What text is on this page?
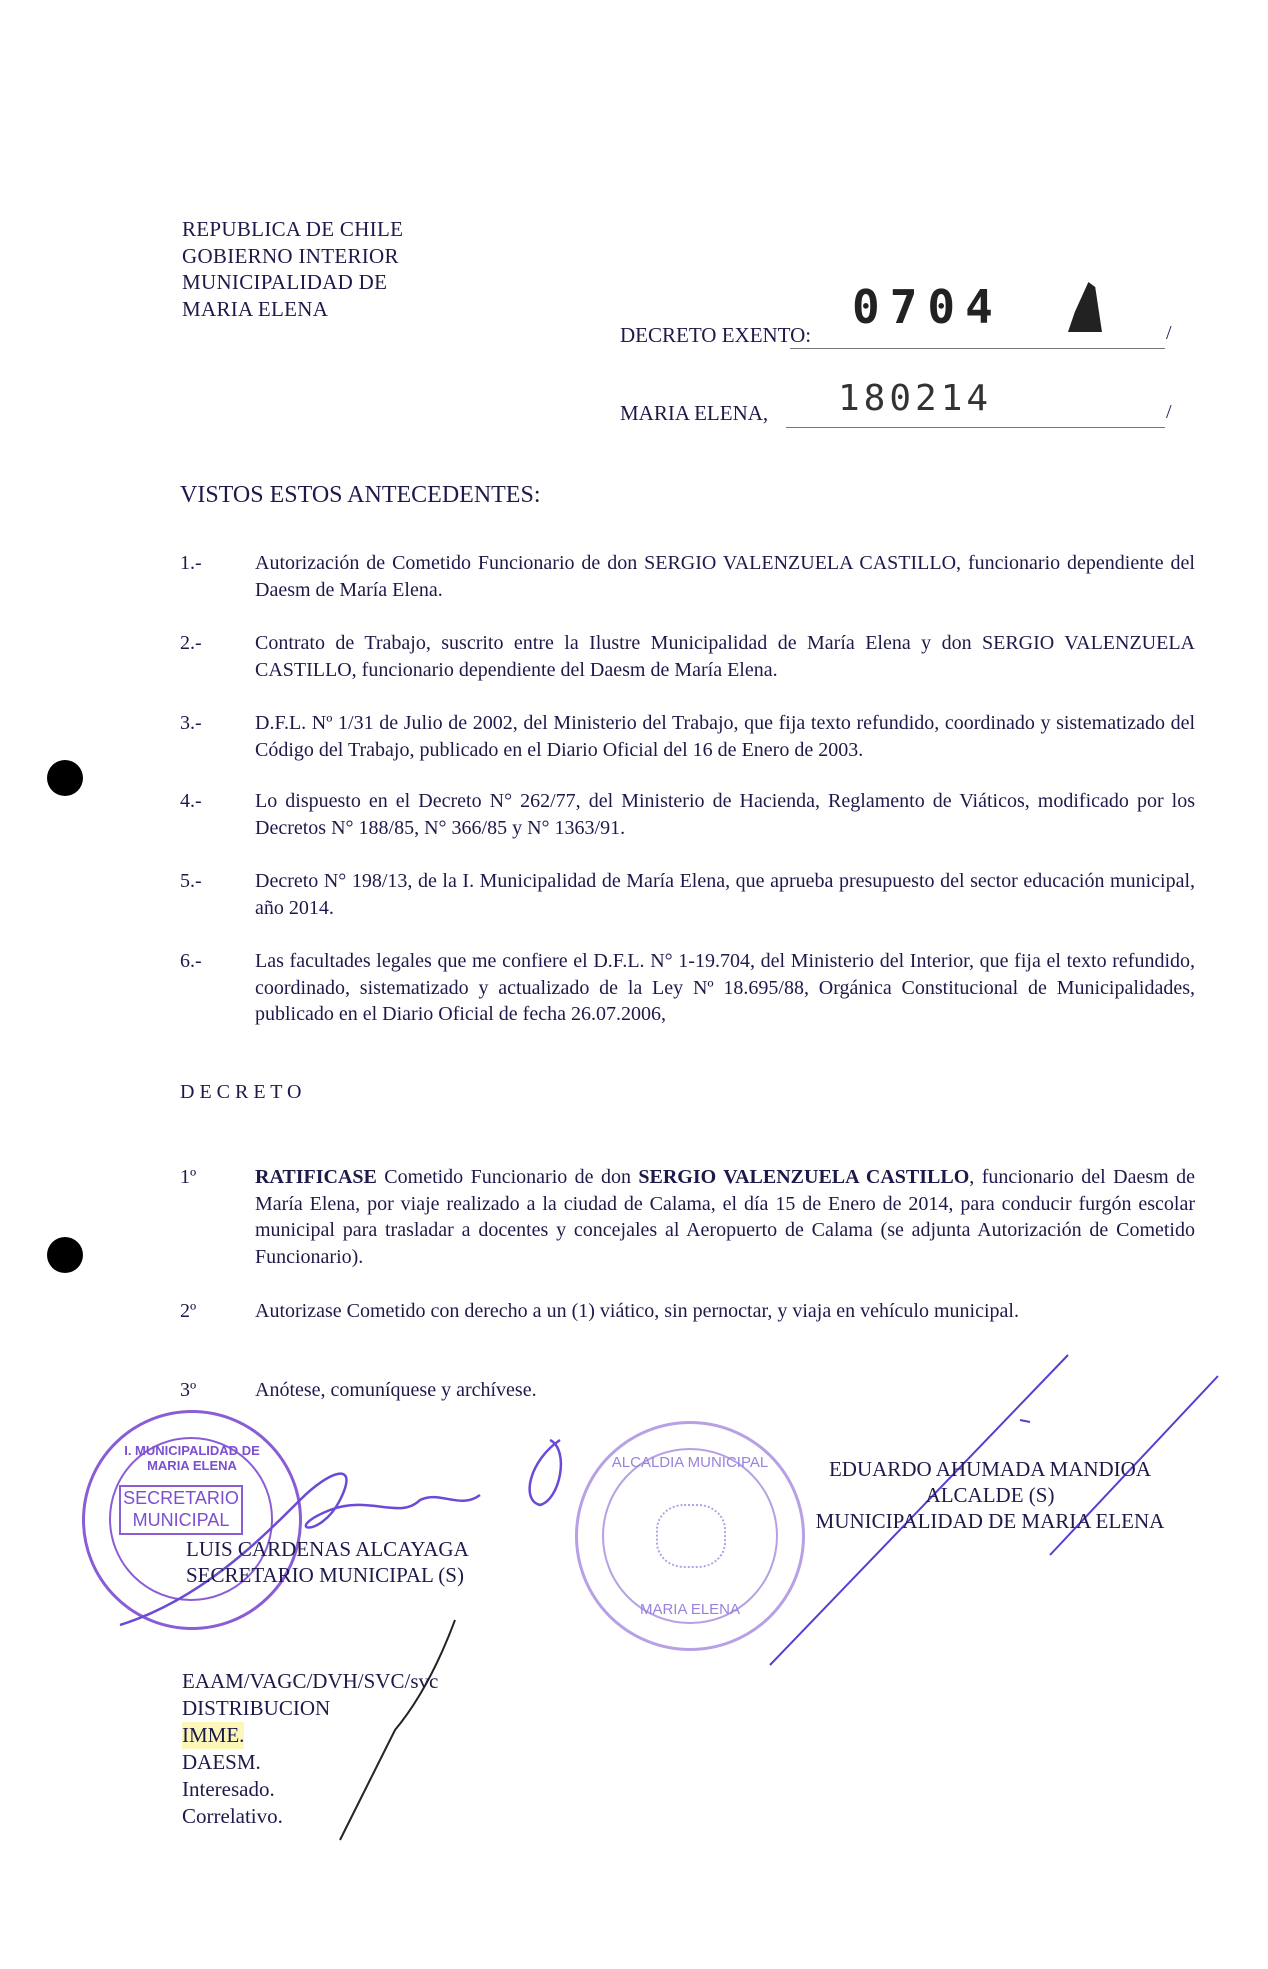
REPUBLICA DE CHILE
GOBIERNO INTERIOR
MUNICIPALIDAD DE
MARIA ELENA
DECRETO EXENTO:	/
0704
MARIA ELENA,	/
180214
VISTOS ESTOS ANTECEDENTES:
1.-	Autorización de Cometido Funcionario de don SERGIO VALENZUELA CASTILLO, funcionario dependiente del Daesm de María Elena.
2.-	Contrato de Trabajo, suscrito entre la Ilustre Municipalidad de María Elena y don SERGIO VALENZUELA CASTILLO, funcionario dependiente del Daesm de María Elena.
3.-	D.F.L. Nº 1/31 de Julio de 2002, del Ministerio del Trabajo, que fija texto refundido, coordinado y sistematizado del Código del Trabajo, publicado en el Diario Oficial del 16 de Enero de 2003.
4.-	Lo dispuesto en el Decreto N° 262/77, del Ministerio de Hacienda, Reglamento de Viáticos, modificado por los Decretos N° 188/85, N° 366/85 y N° 1363/91.
5.-	Decreto N° 198/13, de la I. Municipalidad de María Elena, que aprueba presupuesto del sector educación municipal, año 2014.
6.-	Las facultades legales que me confiere el D.F.L. N° 1-19.704, del Ministerio del Interior, que fija el texto refundido, coordinado, sistematizado y actualizado de la Ley Nº 18.695/88, Orgánica Constitucional de Municipalidades, publicado en el Diario Oficial de fecha 26.07.2006,
D E C R E T O
1º	RATIFICASE Cometido Funcionario de don SERGIO VALENZUELA CASTILLO, funcionario del Daesm de María Elena, por viaje realizado a la ciudad de Calama, el día 15 de Enero de 2014, para conducir furgón escolar municipal para trasladar a docentes y concejales al Aeropuerto de Calama (se adjunta Autorización de Cometido Funcionario).
2º	Autorizase Cometido con derecho a un (1) viático, sin pernoctar, y viaja en vehículo municipal.
3º	Anótese, comuníquese y archívese.
I. MUNICIPALIDAD DE MARIA ELENA
SECRETARIO
MUNICIPAL
ALCALDIA MUNICIPAL
MARIA ELENA
LUIS CARDENAS ALCAYAGA
SECRETARIO MUNICIPAL (S)
EDUARDO AHUMADA MANDIOA
ALCALDE (S)
MUNICIPALIDAD DE MARIA ELENA
EAAM/VAGC/DVH/SVC/svc
DISTRIBUCION
IMME.
DAESM.
Interesado.
Correlativo.
